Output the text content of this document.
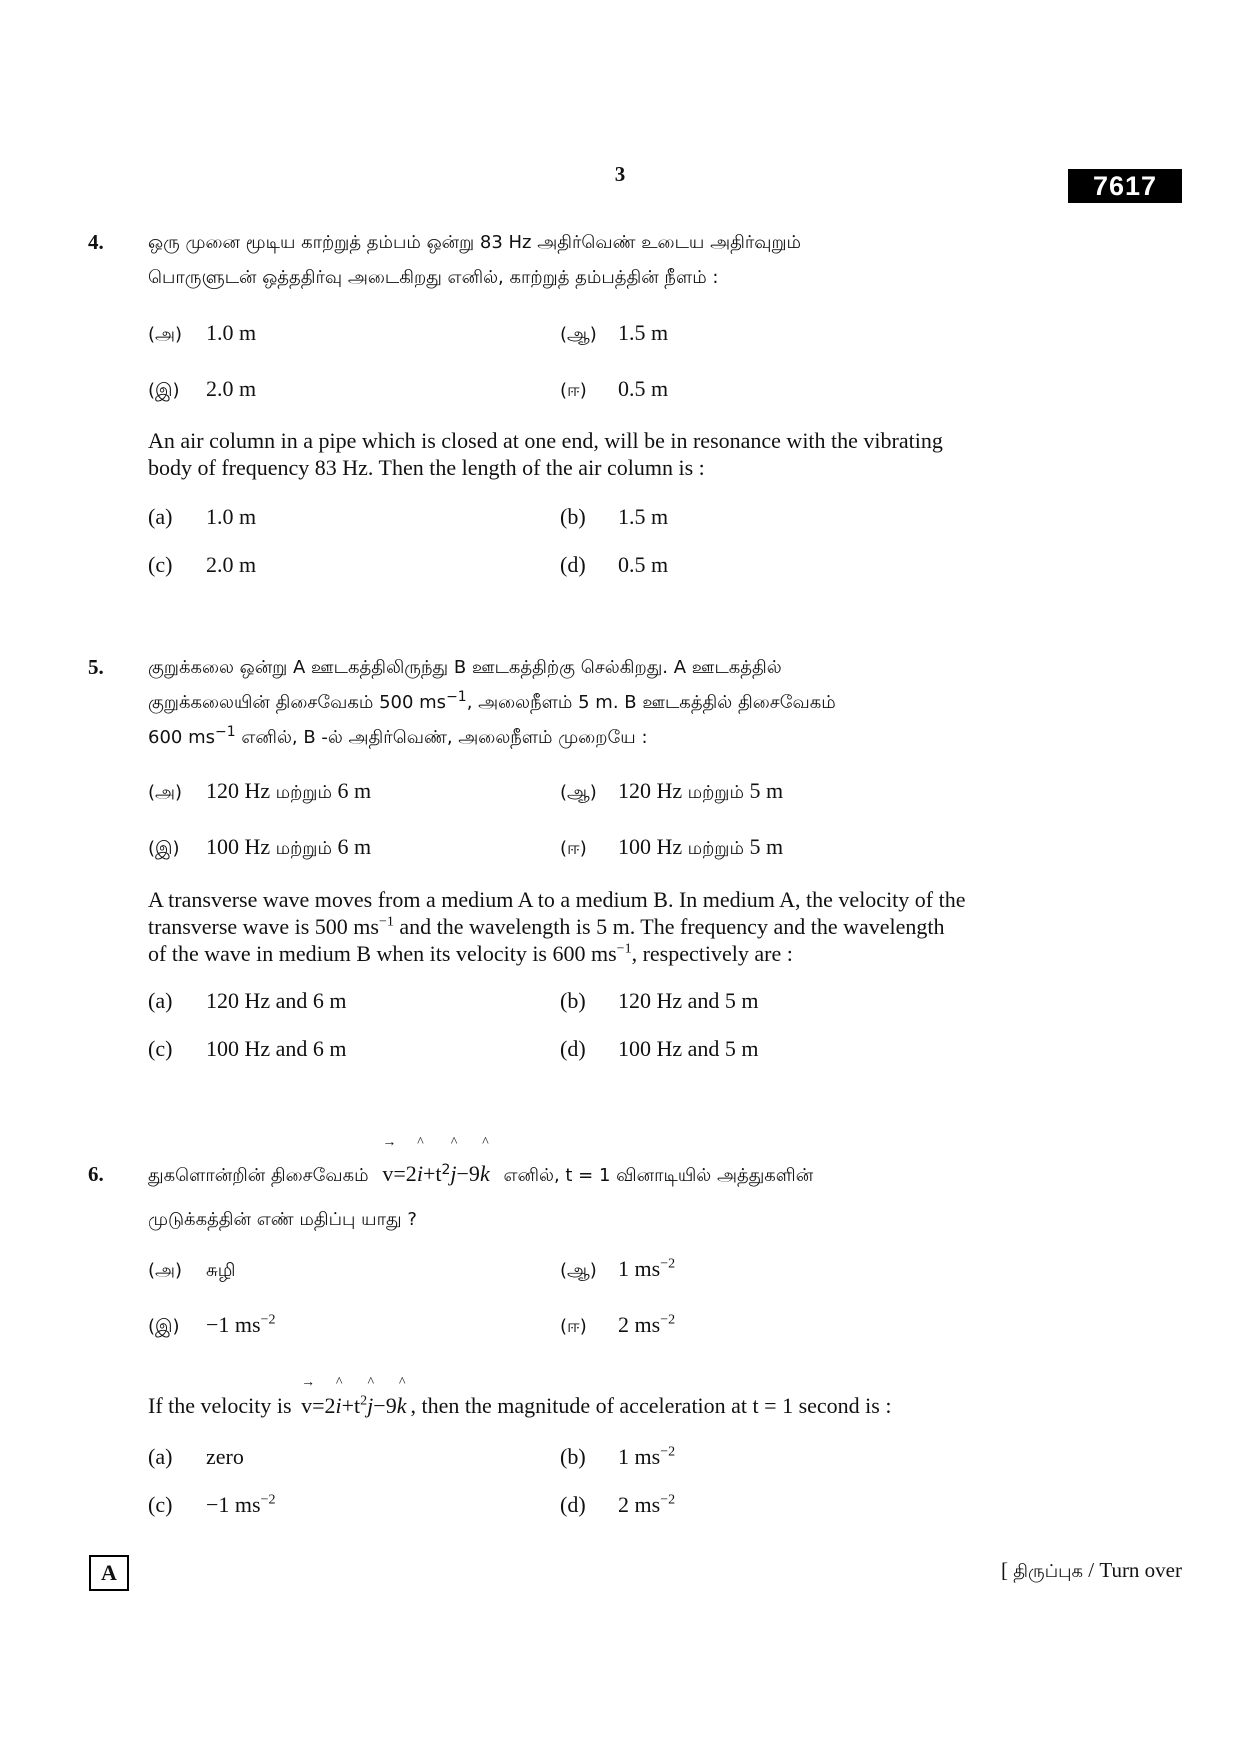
3	7617
4. ஒரு முனை மூடிய காற்றுத் தம்பம் ஒன்று 83 Hz அதிர்வெண் உடைய அதிர்வுறும்
பொருளுடன் ஒத்ததிர்வு அடைகிறது எனில், காற்றுத் தம்பத்தின் நீளம் :
(அ) 1.0 m	(ஆ) 1.5 m
(இ) 2.0 m	(ஈ) 0.5 m
An air column in a pipe which is closed at one end, will be in resonance with the vibrating
body of frequency 83 Hz. Then the length of the air column is :
(a) 1.0 m	(b) 1.5 m
(c) 2.0 m	(d) 0.5 m
5. குறுக்கலை ஒன்று A ஊடகத்திலிருந்து B ஊடகத்திற்கு செல்கிறது. A ஊடகத்தில்
குறுக்கலையின் திசைவேகம் 500 $ms^{-1}$, அலைநீளம் 5 m. B ஊடகத்தில் திசைவேகம்
600 $ms^{-1}$ எனில், B -ல் அதிர்வெண், அலைநீளம் முறையே :
(அ) 120 Hz மற்றும் 6 m	(ஆ) 120 Hz மற்றும் 5 m
(இ) 100 Hz மற்றும் 6 m	(ஈ) 100 Hz மற்றும் 5 m
A transverse wave moves from a medium A to a medium B. In medium A, the velocity of the
transverse wave is 500 $ms^{-1}$ and the wavelength is 5 m. The frequency and the wavelength
of the wave in medium B when its velocity is 600 $ms^{-1}$, respectively are :
(a) 120 Hz and 6 m	(b) 120 Hz and 5 m
(c) 100 Hz and 6 m	(d) 100 Hz and 5 m
6. துகளொன்றின் திசைவேகம்
→
v=2
^
$i+t^2$
^
j−9
^
k எனில், t = 1 வினாடியில் அத்துகளின்
முடுக்கத்தின் எண் மதிப்பு யாது ?
(அ) சுழி	(ஆ) 1 $ms^{-2}$
(இ) −1 $ms^{-2}$	(ஈ) 2 $ms^{-2}$
If the velocity is
→
v=2
^
$i+t^2$
^
j−9
^
k , then the magnitude of acceleration at t = 1 second is :
(a) zero	(b) 1 $ms^{-2}$
(c) −1 $ms^{-2}$	(d) 2 $ms^{-2}$
A	[ திருப்புக / Turn over
